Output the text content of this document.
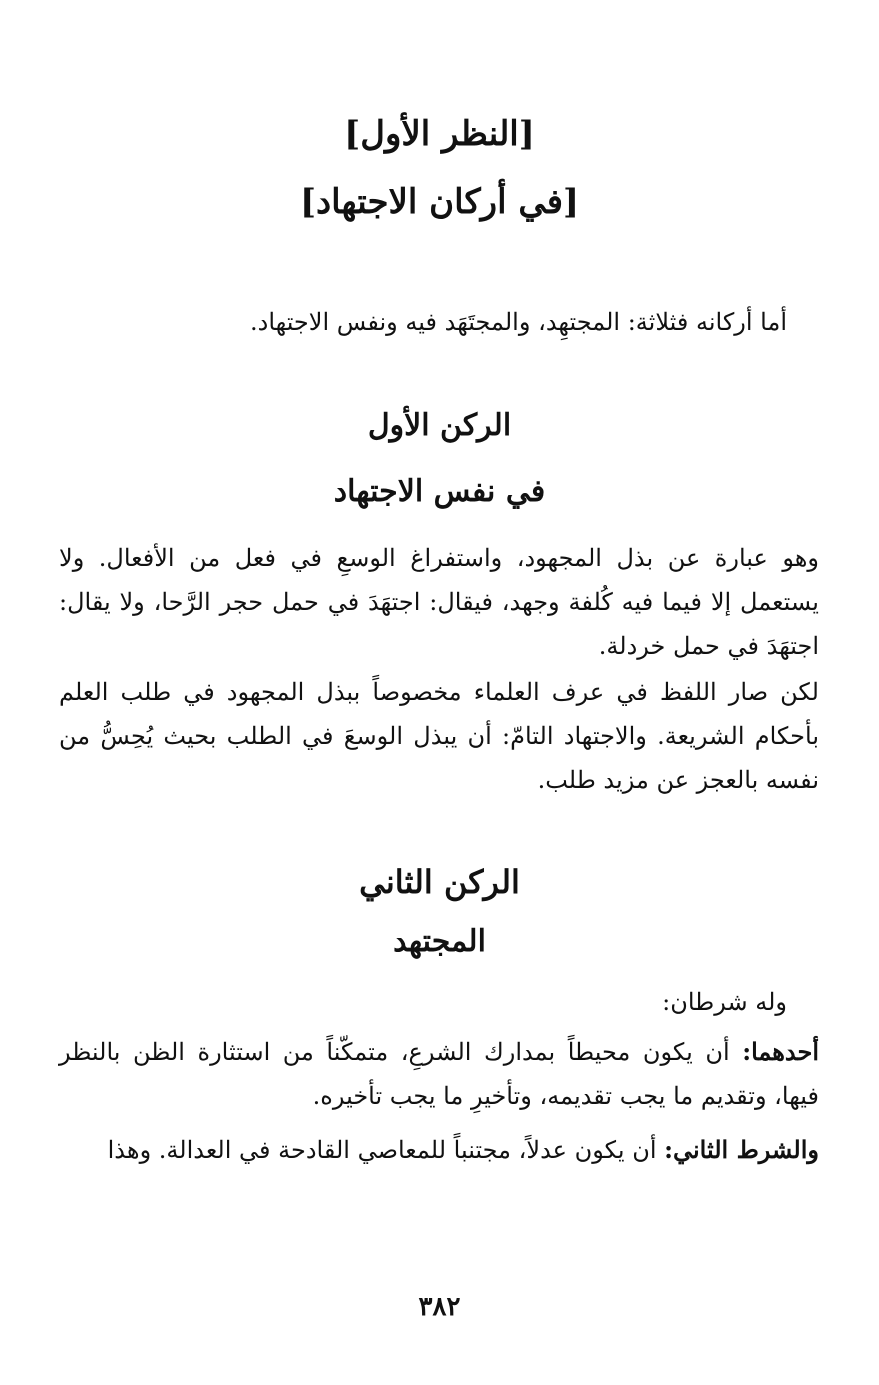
[النظر الأول]
[في أركان الاجتهاد]
أما أركانه فثلاثة: المجتهِد، والمجتَهَد فيه ونفس الاجتهاد.
الركن الأول
في نفس الاجتهاد
وهو عبارة عن بذل المجهود، واستفراغ الوسعِ في فعل من الأفعال. ولا يستعمل إلا فيما فيه كُلفة وجهد، فيقال: اجتهَدَ في حمل حجر الرَّحا، ولا يقال: اجتهَدَ في حمل خردلة.
لكن صار اللفظ في عرف العلماء مخصوصاً ببذل المجهود في طلب العلم بأحكام الشريعة. والاجتهاد التامّ: أن يبذل الوسعَ في الطلب بحيث يُحِسُّ من نفسه بالعجز عن مزيد طلب.
الركن الثاني
المجتهد
وله شرطان:
أحدهما: أن يكون محيطاً بمدارك الشرعِ، متمكّناً من استثارة الظن بالنظر فيها، وتقديم ما يجب تقديمه، وتأخيرِ ما يجب تأخيره.
والشرط الثاني: أن يكون عدلاً، مجتنباً للمعاصي القادحة في العدالة. وهذا
٣٨٢
